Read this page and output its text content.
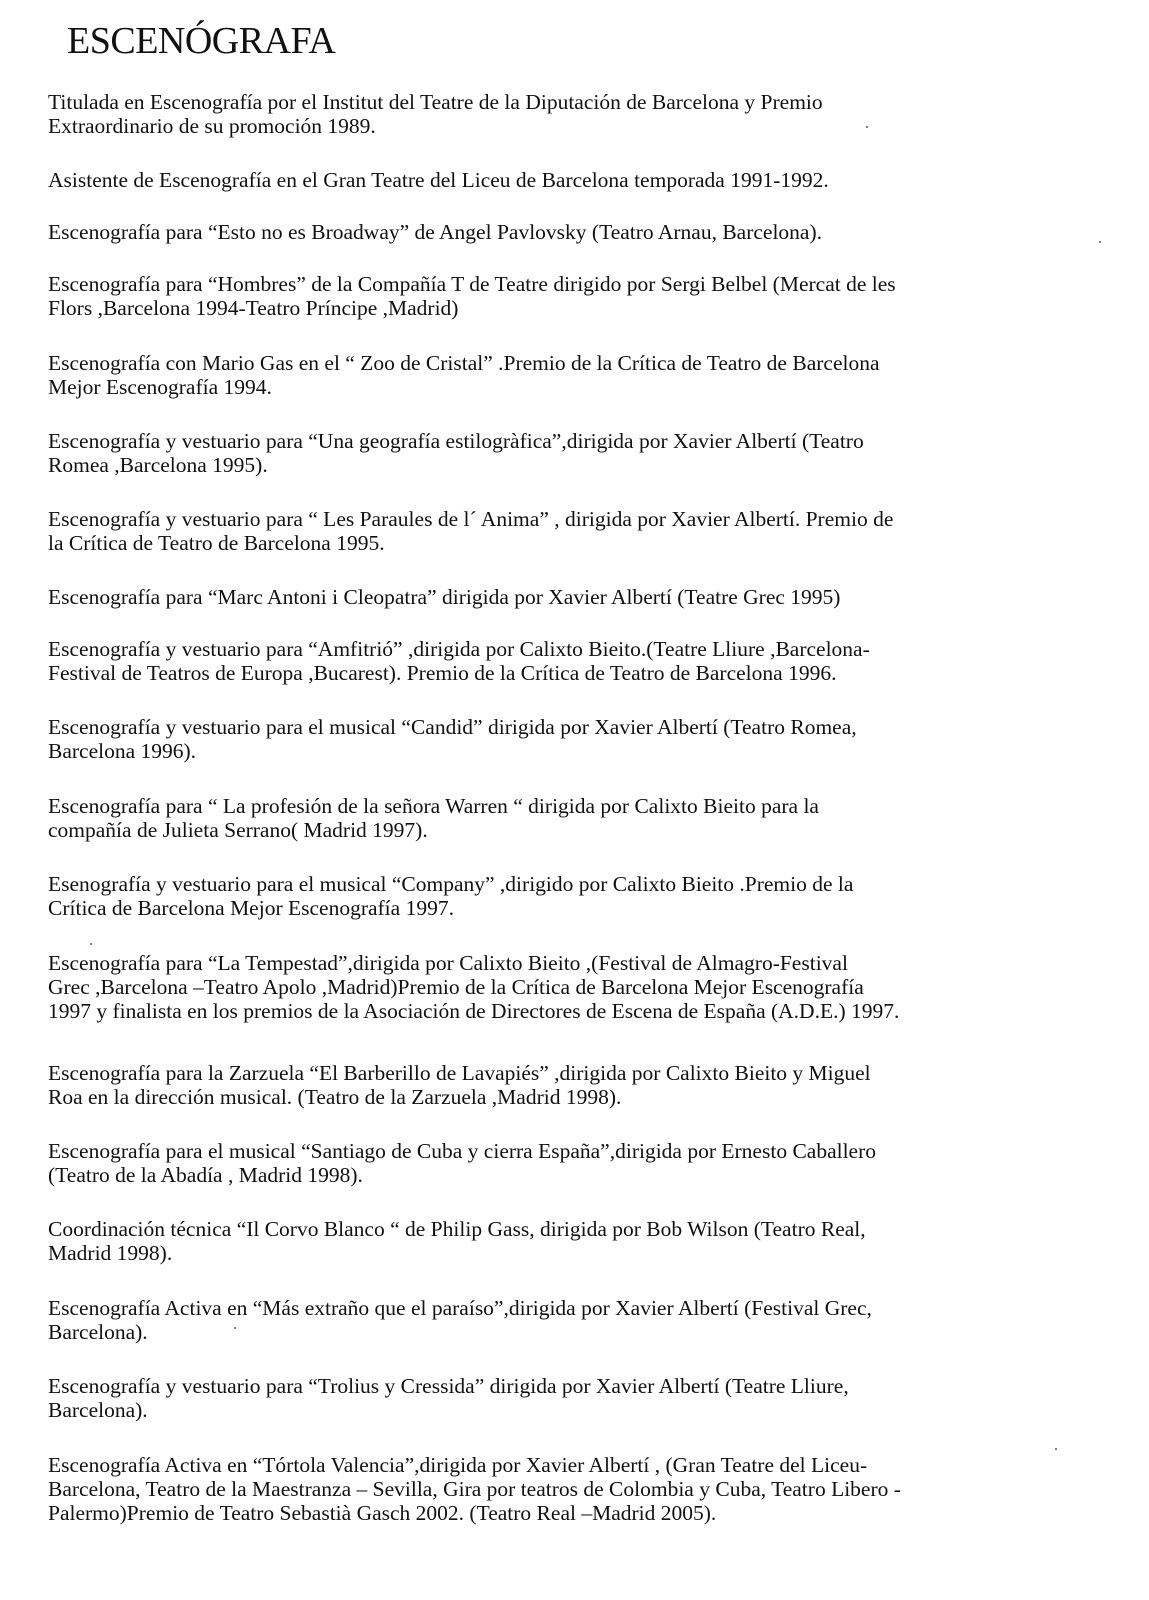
ESCENÓGRAFA

Titulada en Escenografía por el Institut del Teatre de la Diputación de Barcelona y Premio
Extraordinario de su promoción 1989.

Asistente de Escenografía en el Gran Teatre del Liceu de Barcelona temporada 1991-1992.

Escenografía para “Esto no es Broadway” de Angel Pavlovsky (Teatro Arnau, Barcelona).

Escenografía para “Hombres” de la Compañía T de Teatre dirigido por Sergi Belbel (Mercat de les
Flors ,Barcelona 1994-Teatro Príncipe ,Madrid)

Escenografía con Mario Gas en el “ Zoo de Cristal” .Premio de la Crítica de Teatro de Barcelona
Mejor Escenografía 1994.

Escenografía y vestuario para “Una geografía estilogràfica”,dirigida por Xavier Albertí (Teatro
Romea ,Barcelona 1995).

Escenografía y vestuario para “ Les Paraules de l´ Anima” , dirigida por Xavier Albertí. Premio de
la Crítica de Teatro de Barcelona 1995.

Escenografía para “Marc Antoni i Cleopatra” dirigida por Xavier Albertí (Teatre Grec 1995)

Escenografía y vestuario para “Amfitrió” ,dirigida por Calixto Bieito.(Teatre Lliure ,Barcelona-
Festival de Teatros de Europa ,Bucarest). Premio de la Crítica de Teatro de Barcelona 1996.

Escenografía y vestuario para el musical “Candid” dirigida por Xavier Albertí (Teatro Romea,
Barcelona 1996).

Escenografía para “ La profesión de la señora Warren “ dirigida por Calixto Bieito para la
compañía de Julieta Serrano( Madrid 1997).

Esenografía y vestuario para el musical “Company” ,dirigido por Calixto Bieito .Premio de la
Crítica de Barcelona Mejor Escenografía 1997.

Escenografía para “La Tempestad”,dirigida por Calixto Bieito ,(Festival de Almagro-Festival
Grec ,Barcelona –Teatro Apolo ,Madrid)Premio de la Crítica de Barcelona Mejor Escenografía
1997 y finalista en los premios de la Asociación de Directores de Escena de España (A.D.E.) 1997.

Escenografía para la Zarzuela “El Barberillo de Lavapiés” ,dirigida por Calixto Bieito y Miguel
Roa en la dirección musical. (Teatro de la Zarzuela ,Madrid 1998).

Escenografía para el musical “Santiago de Cuba y cierra España”,dirigida por Ernesto Caballero
(Teatro de la Abadía , Madrid 1998).

Coordinación técnica “Il Corvo Blanco “ de Philip Gass, dirigida por Bob Wilson (Teatro Real,
Madrid 1998).

Escenografía Activa en “Más extraño que el paraíso”,dirigida por Xavier Albertí (Festival Grec,
Barcelona).

Escenografía y vestuario para “Trolius y Cressida” dirigida por Xavier Albertí (Teatre Lliure,
Barcelona).

Escenografía Activa en “Tórtola Valencia”,dirigida por Xavier Albertí , (Gran Teatre del Liceu-
Barcelona, Teatro de la Maestranza – Sevilla, Gira por teatros de Colombia y Cuba, Teatro Libero -
Palermo)Premio de Teatro Sebastià Gasch 2002. (Teatro Real –Madrid 2005).
